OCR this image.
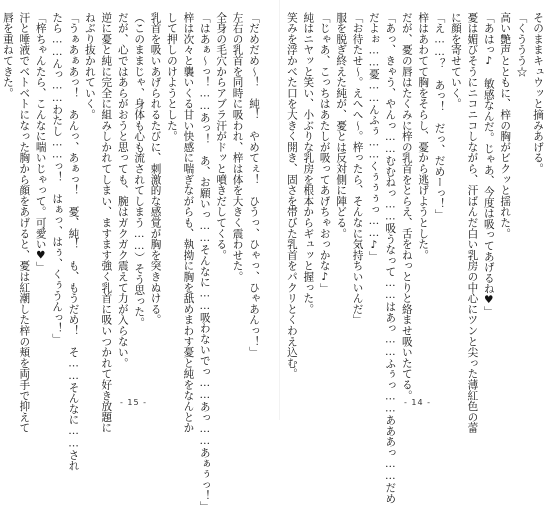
そのままキュウッと摘みあげる。
「くううう☆
高い艶声とともに、梓の胸がビクッと揺れた。
「あはっ♪　敏感なんだ。じゃあ、今度は吸ってあげるね♥」
憂は媚びそうにニコニコしながら、汗ばんだ白い乳房の中心にツンと尖った薄紅色の蕾
に顔を寄せていく。
「え……？　あっ！　だっ、だめーっ！」
梓はあわてて胸をそらし、憂から逃げようとした。
だが、憂の唇はたくみに梓の乳首をとらえ、舌をねっとりと絡ませ吸いたてる。
「あっ、きゃう、やんっ……むむねっ……吸うなって……はあっ……ふぅっ……あああっ……だめ
だよぉ……憂……んふぅ……くぅぅぅっ……♪」
「お待たせ～。えへへ～。梓ったら、そんなに気持ちいいんだ」
服を脱ぎ終えた純が、憂とは反対側に陣どる。
「じゃあ、こっちはあたしが吸ってあげちゃおっかな♪」
純はニヤッと笑い、小ぶりな乳房を根本からギュッと握った。
笑みを浮かべた口を大きく開き、固さを帯びた乳首をパクリとくわえ込む。
- 14 -
「だめだめ～！　純！　やめてぇ！　ひうっ、ひゃっ、ひゃあんっ！」
左右の乳首を同時に吸われ、梓は体を大きく震わせた。
全身の毛穴からアブラ汗がドッと噴きだしてくる。
「はあぁ～っ！……あっ！　あ、お願いっ……そんなに……吸わないでっ……あっ……あぁぅっ！」
梓は次々と襲いくる甘い快感に喘ぎながらも、執拗に胸を舐めまわす憂と純をなんとか
して押しのけようとした。
乳首を吸いあげられるたびに、刺激的な感覚が胸を突きぬける。
（このままじゃ、身体も心も流されてしまう……）そう思った。
だが、心ではあらがおうと思っても、腕はガクガク震えて力が入らない。
逆に憂と純に完全に組みしかれてしまい、ますます強く乳首に吸いつかれて好き放題に
ねぶり抜かれていく。
「うぁあぁあっ！　あんっ、あぁっ！　憂、純！　も、もうだめ！　そ……そんなに……され
たら……んっ……わたし……っ！　はぁっ、はぅ、くぅうんっ！」
「梓ちゃんたら、こんなに喘いじゃって。可愛い♥」
汗と唾液でベトベトになった胸から顔をあげると、憂は紅潮した梓の頬を両手で抑えて
唇を重ねてきた。
- 15 -
